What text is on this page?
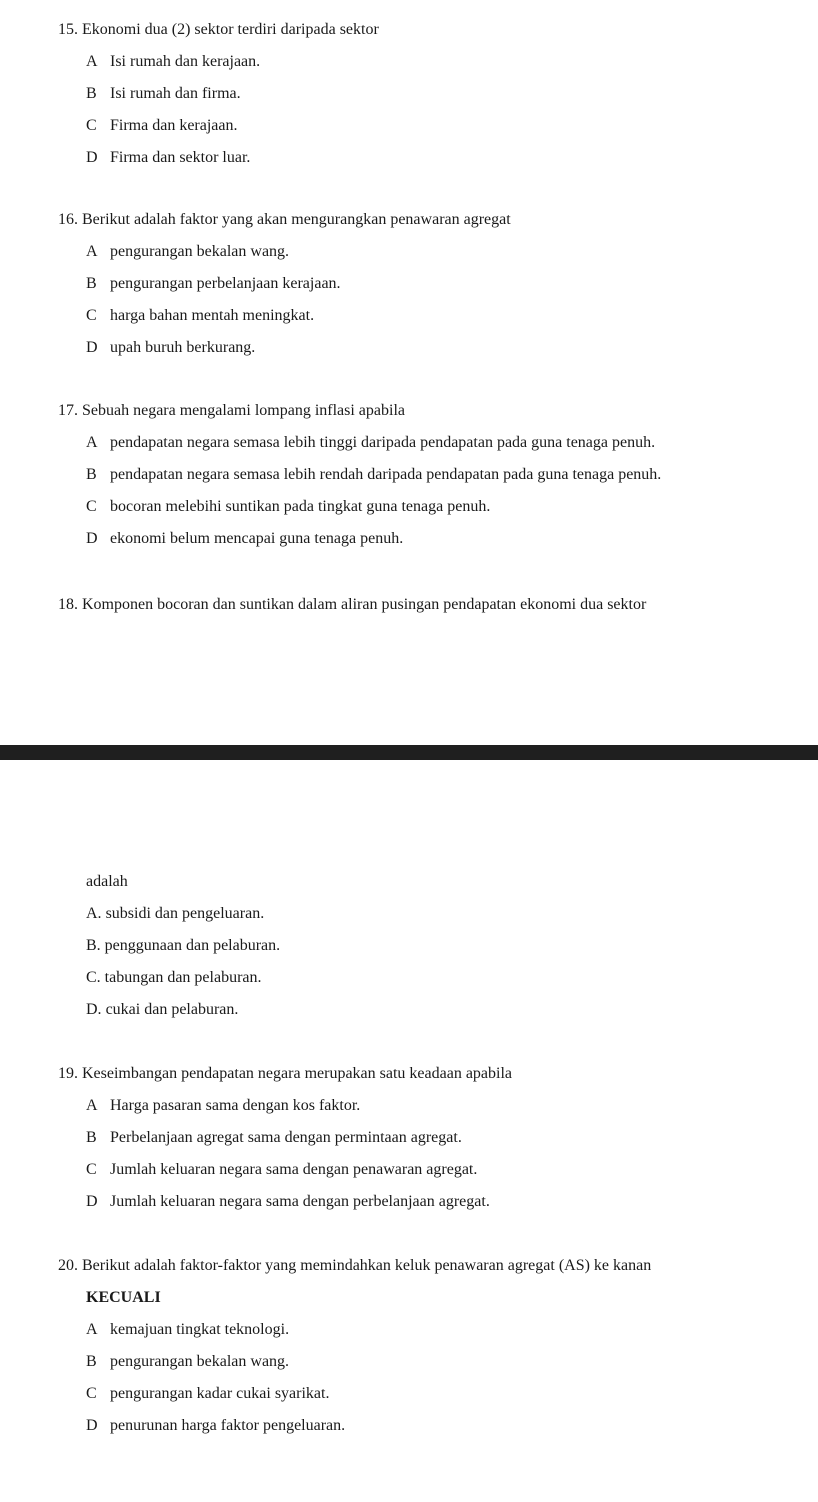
15. Ekonomi dua (2) sektor terdiri daripada sektor
A Isi rumah dan kerajaan.
B Isi rumah dan firma.
C Firma dan kerajaan.
D Firma dan sektor luar.
16. Berikut adalah faktor yang akan mengurangkan penawaran agregat
A pengurangan bekalan wang.
B pengurangan perbelanjaan kerajaan.
C harga bahan mentah meningkat.
D upah buruh berkurang.
17. Sebuah negara mengalami lompang inflasi apabila
A pendapatan negara semasa lebih tinggi daripada pendapatan pada guna tenaga penuh.
B pendapatan negara semasa lebih rendah daripada pendapatan pada guna tenaga penuh.
C bocoran melebihi suntikan pada tingkat guna tenaga penuh.
D ekonomi belum mencapai guna tenaga penuh.
18. Komponen bocoran dan suntikan dalam aliran pusingan pendapatan ekonomi dua sektor
adalah
A. subsidi dan pengeluaran.
B. penggunaan dan pelaburan.
C. tabungan dan pelaburan.
D. cukai dan pelaburan.
19. Keseimbangan pendapatan negara merupakan satu keadaan apabila
A Harga pasaran sama dengan kos faktor.
B Perbelanjaan agregat sama dengan permintaan agregat.
C Jumlah keluaran negara sama dengan penawaran agregat.
D Jumlah keluaran negara sama dengan perbelanjaan agregat.
20. Berikut adalah faktor-faktor yang memindahkan keluk penawaran agregat (AS) ke kanan
KECUALI
A kemajuan tingkat teknologi.
B pengurangan bekalan wang.
C pengurangan kadar cukai syarikat.
D penurunan harga faktor pengeluaran.
